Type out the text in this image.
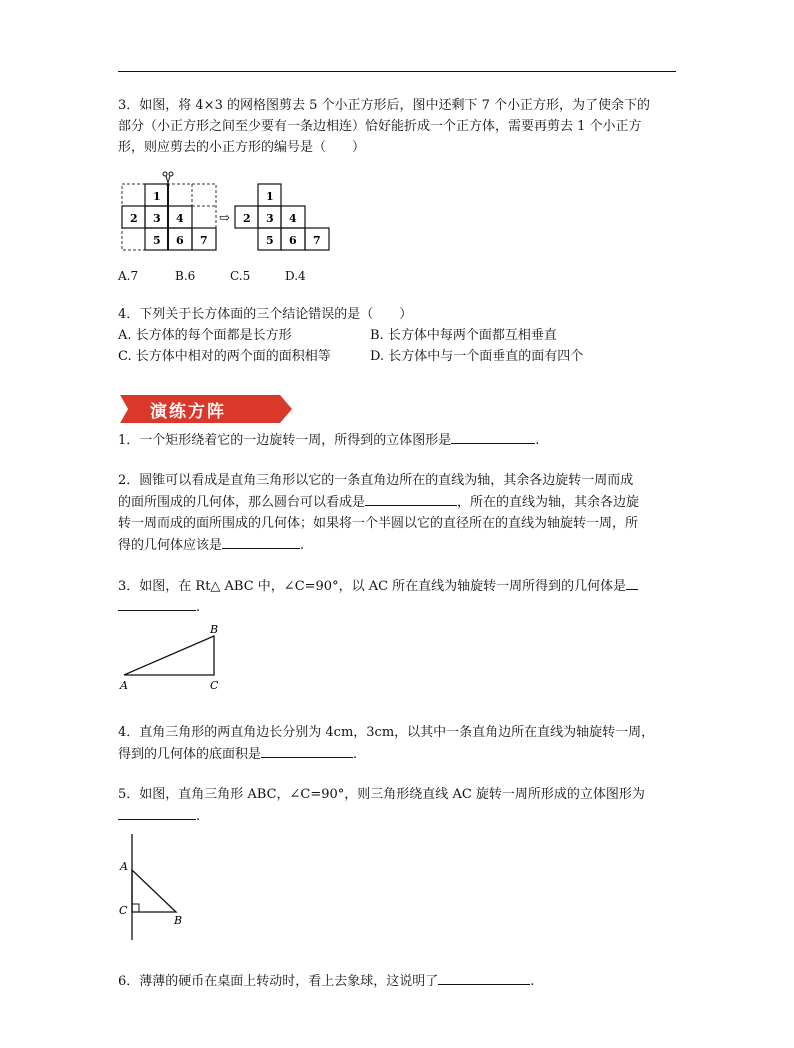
3．如图，将 4×3 的网格图剪去 5 个小正方形后，图中还剩下 7 个小正方形，为了使余下的
部分（小正方形之间至少要有一条边相连）恰好能折成一个正方体，需要再剪去 1 个小正方
形，则应剪去的小正方形的编号是（　　）
1
2 3 4
5 6 7
⇨
1
2 3 4
5 6 7
A.7	B.6	C.5	D.4
4．下列关于长方体面的三个结论错误的是（　　）
A. 长方体的每个面都是长方形	B. 长方体中每两个面都互相垂直
C. 长方体中相对的两个面的面积相等	D. 长方体中与一个面垂直的面有四个
演练方阵
1．一个矩形绕着它的一边旋转一周，所得到的立体图形是	.
2．圆锥可以看成是直角三角形以它的一条直角边所在的直线为轴，其余各边旋转一周而成
的面所围成的几何体，那么圆台可以看成是	，所在的直线为轴，其余各边旋
转一周而成的面所围成的几何体；如果将一个半圆以它的直径所在的直线为轴旋转一周，所
得的几何体应该是	.
3．如图，在 Rt△ ABC 中，∠C=90°，以 AC 所在直线为轴旋转一周所得到的几何体是
.
B
A	C
4．直角三角形的两直角边长分别为 4cm，3cm，以其中一条直角边所在直线为轴旋转一周，
得到的几何体的底面积是	.
5．如图，直角三角形 ABC，∠C=90°，则三角形绕直线 AC 旋转一周所形成的立体图形为
.
A
C
B
6．薄薄的硬币在桌面上转动时，看上去象球，这说明了	.
